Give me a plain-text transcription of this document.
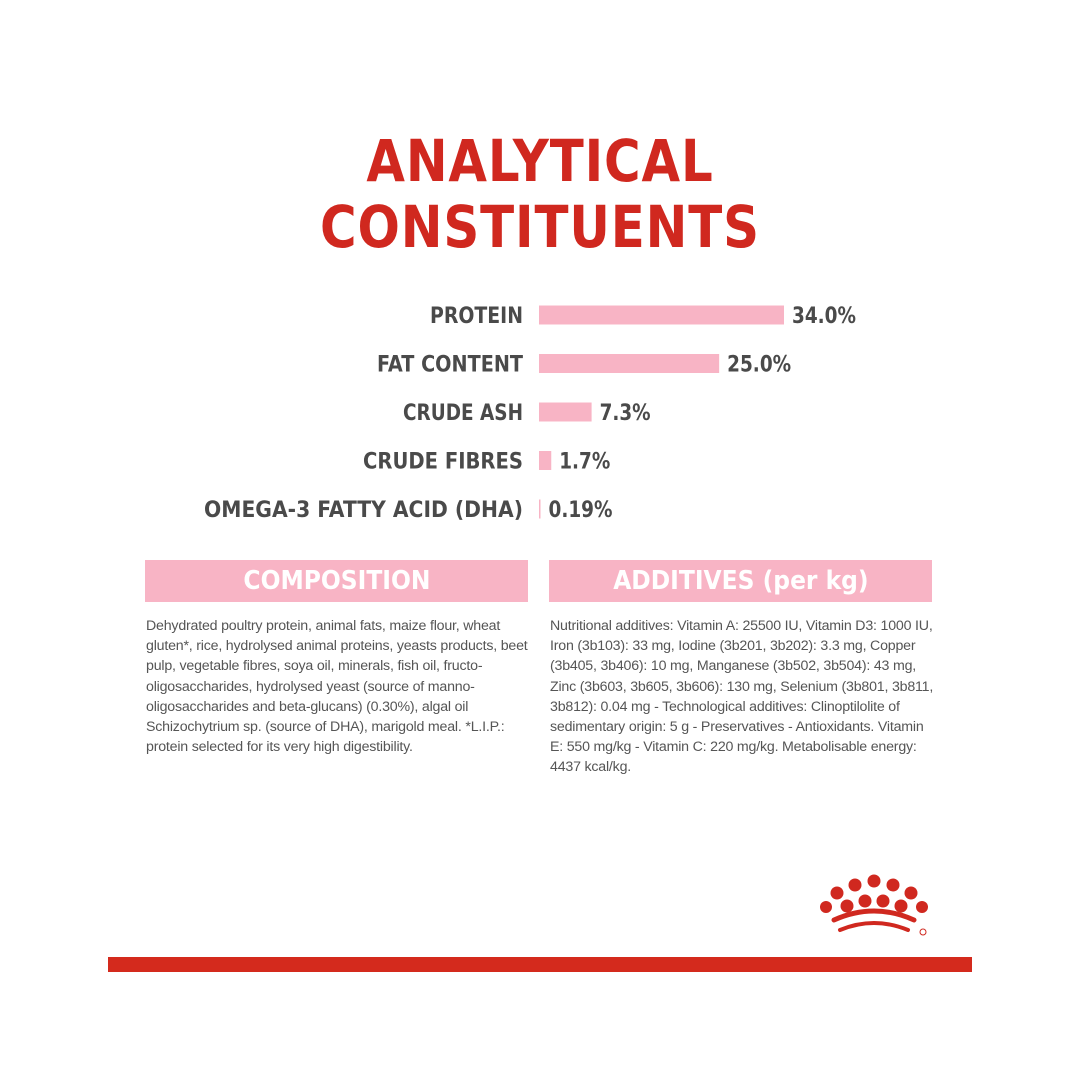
ANALYTICAL
CONSTITUENTS
PROTEIN	34.0%
FAT CONTENT	25.0%
CRUDE ASH	7.3%
CRUDE FIBRES 1.7%
OMEGA-3 FATTY ACID (DHA) 0.19%
COMPOSITION	ADDITIVES (per kg)
Dehydrated poultry protein, animal fats, maize flour, wheat gluten*, rice, hydrolysed animal proteins, yeasts products, beet pulp, vegetable fibres, soya oil, minerals, fish oil, fructo-oligosaccharides, hydrolysed yeast (source of manno-oligosaccharides and beta-glucans) (0.30%), algal oil Schizochytrium sp. (source of DHA), marigold meal. *L.I.P.: protein selected for its very high digestibility.
Nutritional additives: Vitamin A: 25500 IU, Vitamin D3: 1000 IU, Iron (3b103): 33 mg, Iodine (3b201, 3b202): 3.3 mg, Copper (3b405, 3b406): 10 mg, Manganese (3b502, 3b504): 43 mg, Zinc (3b603, 3b605, 3b606): 130 mg, Selenium (3b801, 3b811, 3b812): 0.04 mg - Technological additives: Clinoptilolite of sedimentary origin: 5 g - Preservatives - Antioxidants. Vitamin E: 550 mg/kg - Vitamin C: 220 mg/kg. Metabolisable energy: 4437 kcal/kg.
